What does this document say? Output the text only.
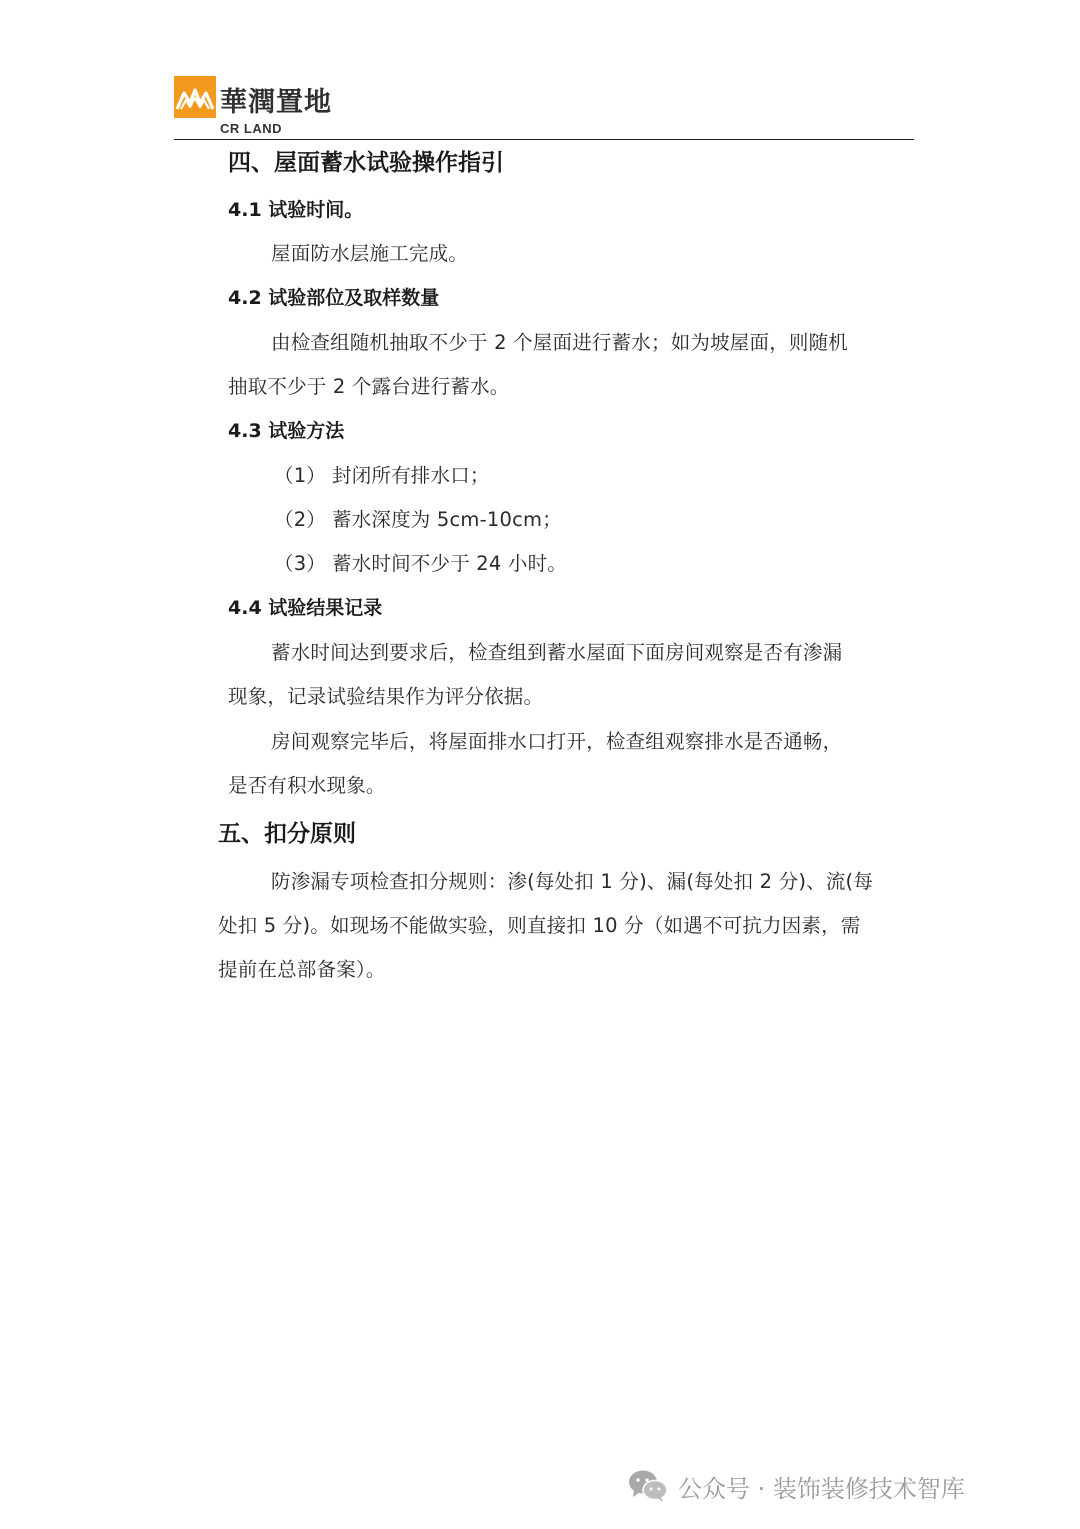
華潤置地
CR LAND
四、屋面蓄水试验操作指引
4.1 试验时间。
屋面防水层施工完成。
4.2 试验部位及取样数量
由检查组随机抽取不少于 2 个屋面进行蓄水；如为坡屋面，则随机
抽取不少于 2 个露台进行蓄水。
4.3 试验方法
（1） 封闭所有排水口；
（2） 蓄水深度为 5cm-10cm；
（3） 蓄水时间不少于 24 小时。
4.4 试验结果记录
蓄水时间达到要求后，检查组到蓄水屋面下面房间观察是否有渗漏
现象，记录试验结果作为评分依据。
房间观察完毕后，将屋面排水口打开，检查组观察排水是否通畅，
是否有积水现象。
五、扣分原则
防渗漏专项检查扣分规则：渗(每处扣 1 分)、漏(每处扣 2 分)、流(每
处扣 5 分)。如现场不能做实验，则直接扣 10 分（如遇不可抗力因素，需
提前在总部备案）。
公众号 · 装饰装修技术智库
